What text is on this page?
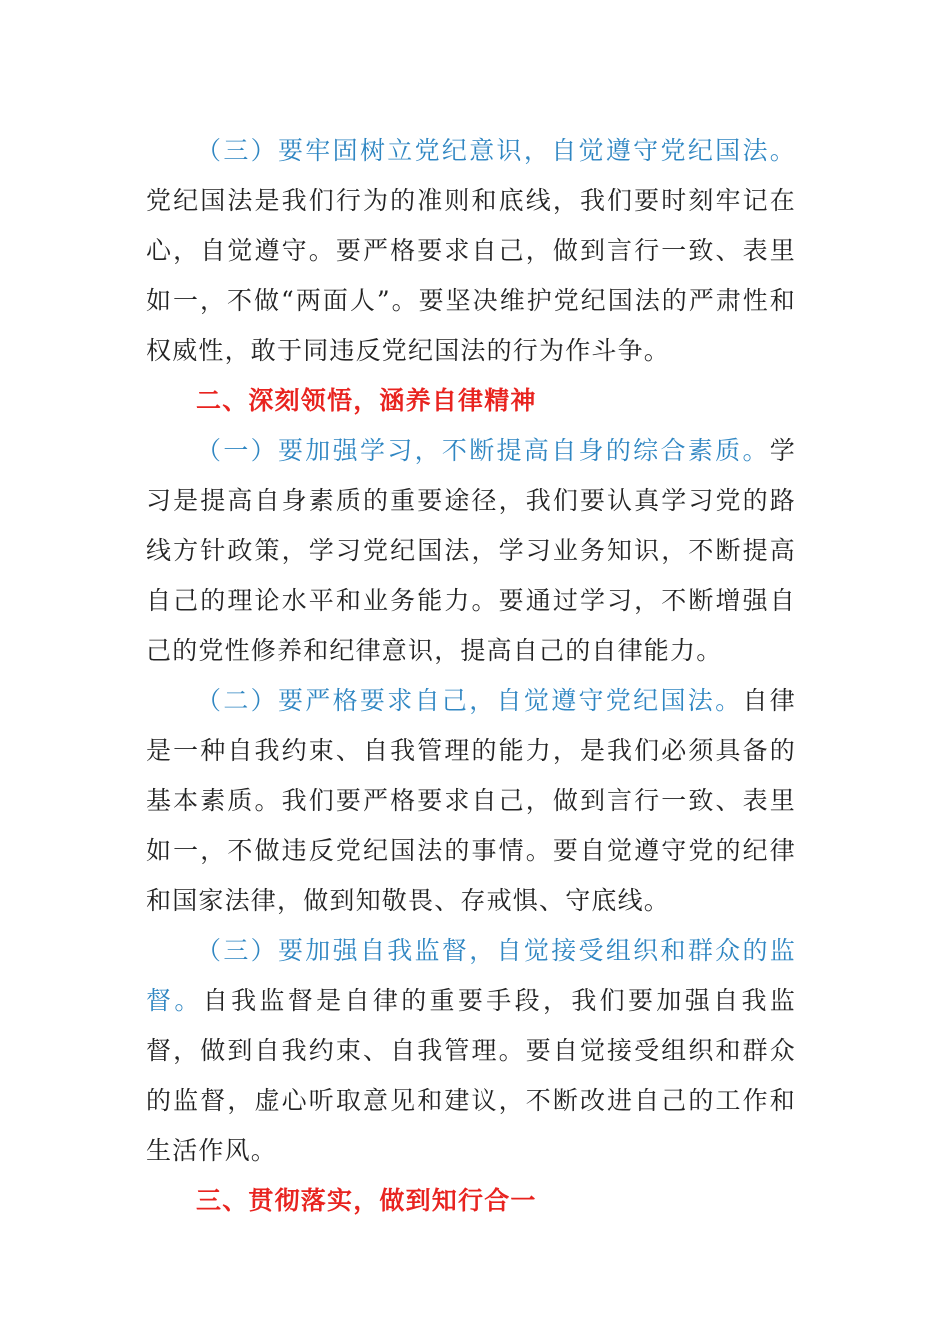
（三）要牢固树立党纪意识，自觉遵守党纪国法。党纪国法是我们行为的准则和底线，我们要时刻牢记在心，自觉遵守。要严格要求自己，做到言行一致、表里如一，不做“两面人”。要坚决维护党纪国法的严肃性和权威性，敢于同违反党纪国法的行为作斗争。

二、深刻领悟，涵养自律精神

（一）要加强学习，不断提高自身的综合素质。学习是提高自身素质的重要途径，我们要认真学习党的路线方针政策，学习党纪国法，学习业务知识，不断提高自己的理论水平和业务能力。要通过学习，不断增强自己的党性修养和纪律意识，提高自己的自律能力。

（二）要严格要求自己，自觉遵守党纪国法。自律是一种自我约束、自我管理的能力，是我们必须具备的基本素质。我们要严格要求自己，做到言行一致、表里如一，不做违反党纪国法的事情。要自觉遵守党的纪律和国家法律，做到知敬畏、存戒惧、守底线。

（三）要加强自我监督，自觉接受组织和群众的监督。自我监督是自律的重要手段，我们要加强自我监督，做到自我约束、自我管理。要自觉接受组织和群众的监督，虚心听取意见和建议，不断改进自己的工作和生活作风。

三、贯彻落实，做到知行合一
